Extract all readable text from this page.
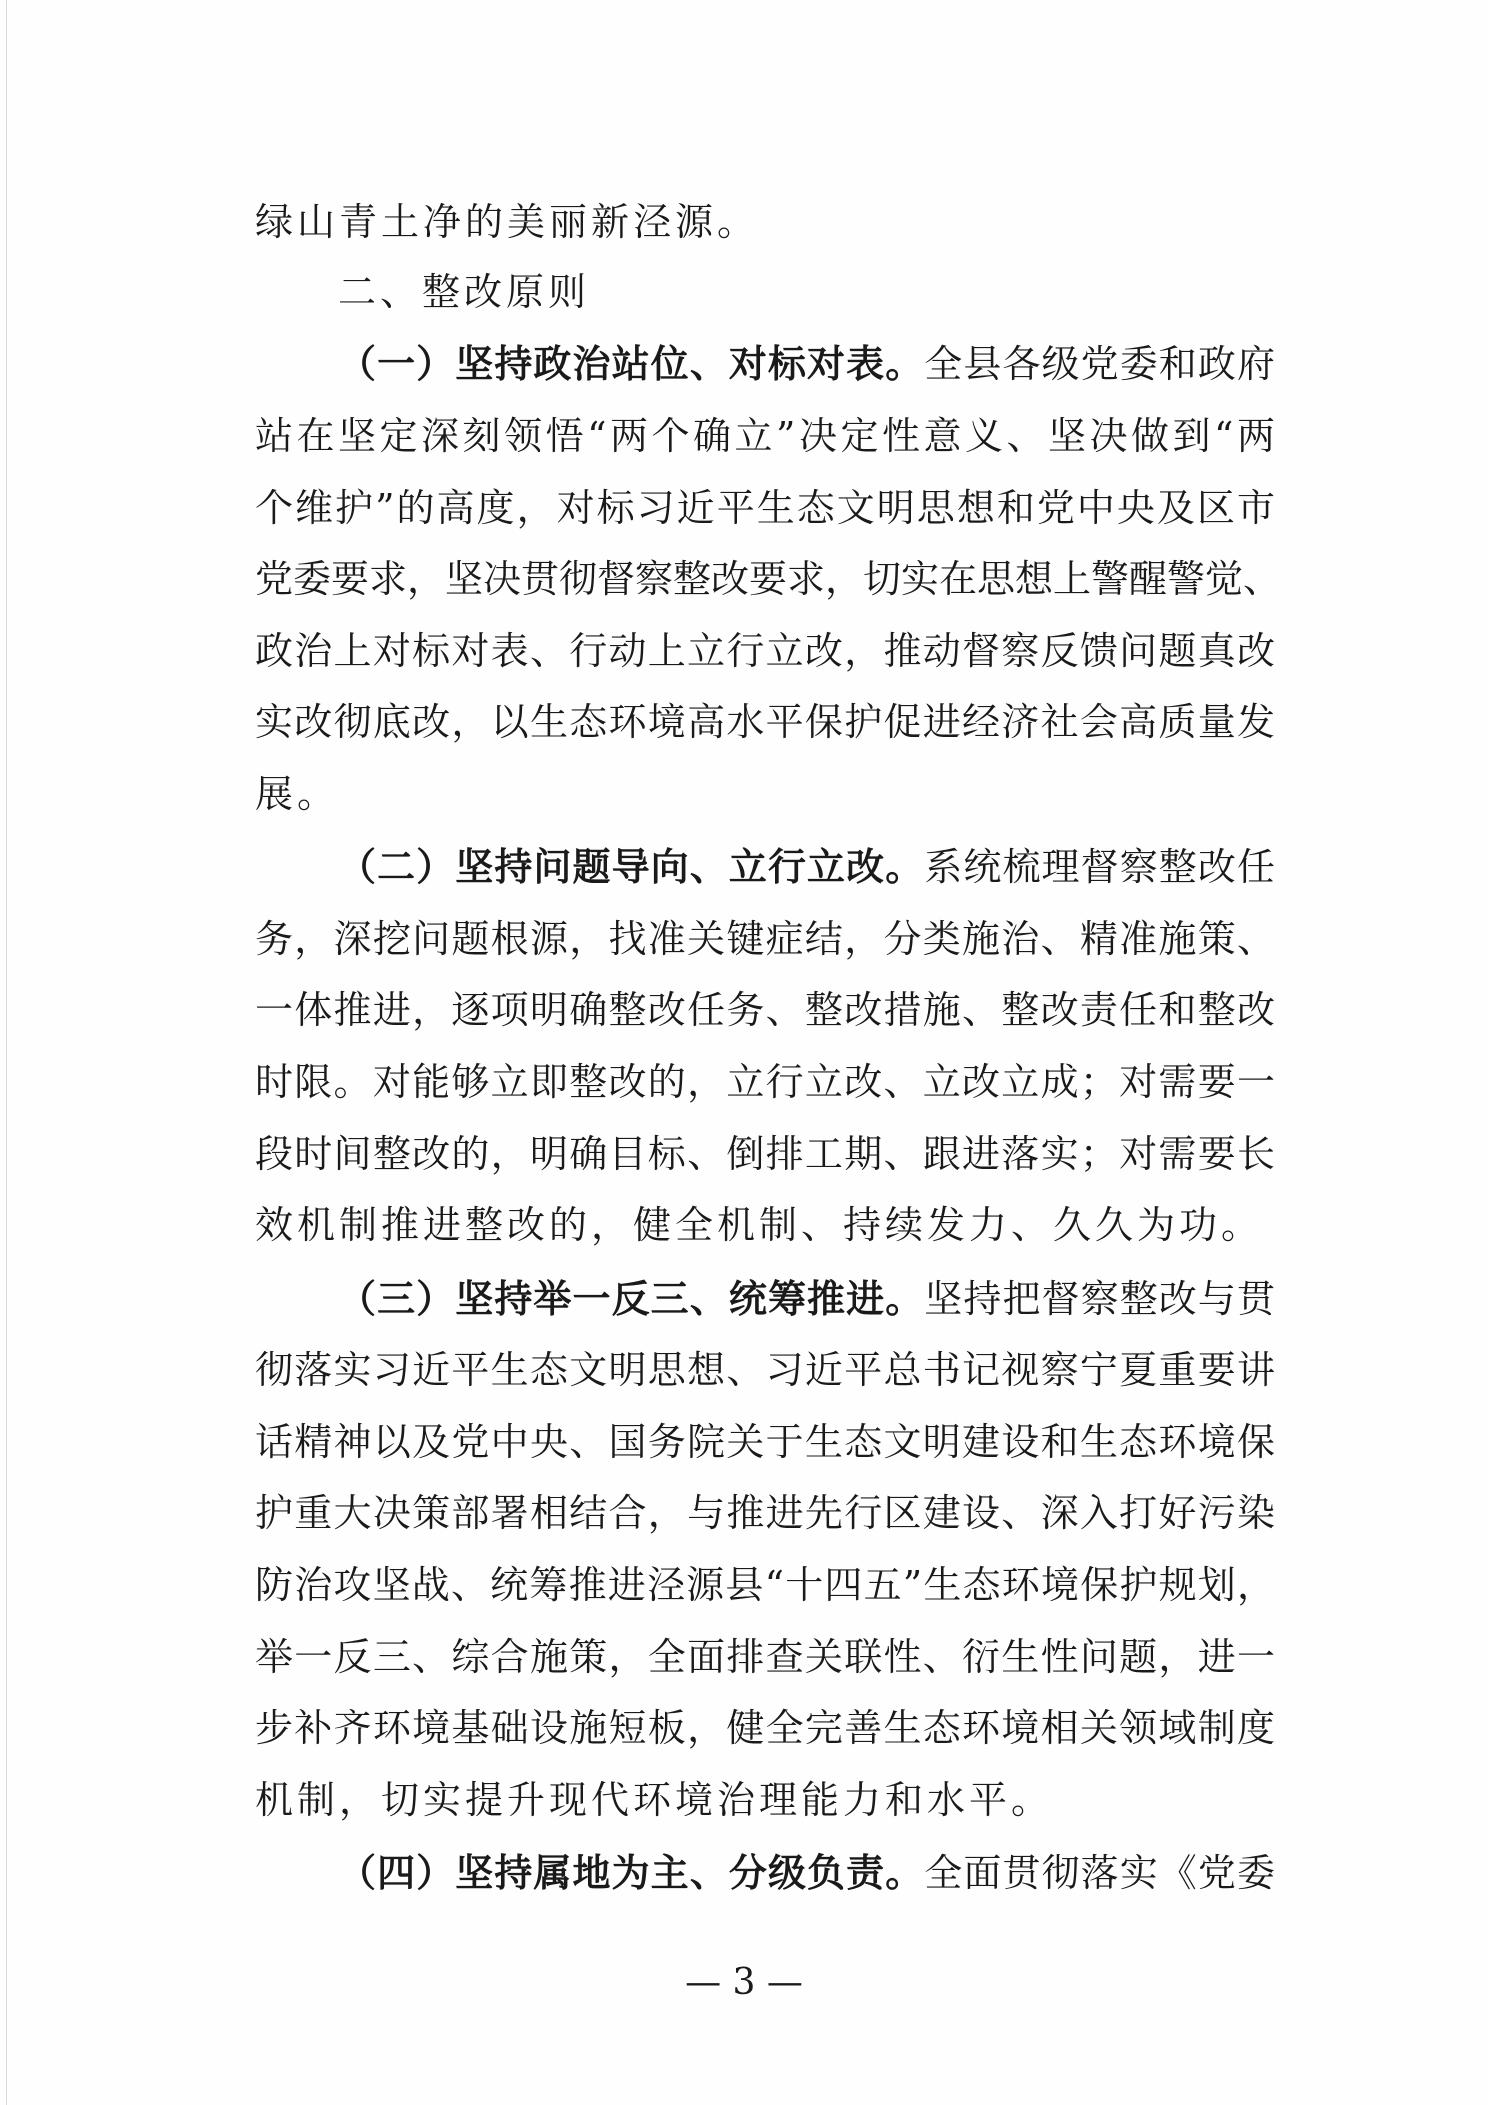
绿山青土净的美丽新泾源。
二、整改原则
（一）坚持政治站位、对标对表。全县各级党委和政府
站在坚定深刻领悟“两个确立”决定性意义、坚决做到“两
个维护”的高度，对标习近平生态文明思想和党中央及区市
党委要求，坚决贯彻督察整改要求，切实在思想上警醒警觉、
政治上对标对表、行动上立行立改，推动督察反馈问题真改
实改彻底改，以生态环境高水平保护促进经济社会高质量发
展。
（二）坚持问题导向、立行立改。系统梳理督察整改任
务，深挖问题根源，找准关键症结，分类施治、精准施策、
一体推进，逐项明确整改任务、整改措施、整改责任和整改
时限。对能够立即整改的，立行立改、立改立成；对需要一
段时间整改的，明确目标、倒排工期、跟进落实；对需要长
效机制推进整改的，健全机制、持续发力、久久为功。
（三）坚持举一反三、统筹推进。坚持把督察整改与贯
彻落实习近平生态文明思想、习近平总书记视察宁夏重要讲
话精神以及党中央、国务院关于生态文明建设和生态环境保
护重大决策部署相结合，与推进先行区建设、深入打好污染
防治攻坚战、统筹推进泾源县“十四五”生态环境保护规划，
举一反三、综合施策，全面排查关联性、衍生性问题，进一
步补齐环境基础设施短板，健全完善生态环境相关领域制度
机制，切实提升现代环境治理能力和水平。
（四）坚持属地为主、分级负责。全面贯彻落实《党委
— 3 —
